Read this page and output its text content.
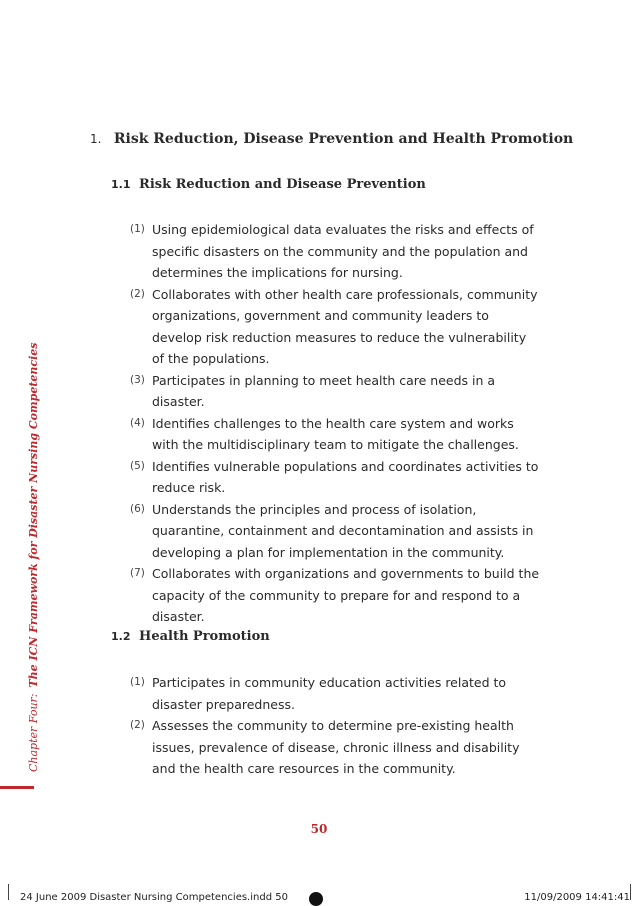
Chapter Four:The ICN Framework for Disaster Nursing Competencies
1. Risk Reduction, Disease Prevention and Health Promotion
1.1 Risk Reduction and Disease Prevention
(1) Using epidemiological data evaluates the risks and effects of specific disasters on the community and the population and determines the implications for nursing.
(2) Collaborates with other health care professionals, community organizations, government and community leaders to develop risk reduction measures to reduce the vulnerability of the populations.
(3) Participates in planning to meet health care needs in a disaster.
(4) Identifies challenges to the health care system and works with the multidisciplinary team to mitigate the challenges.
(5) Identifies vulnerable populations and coordinates activities to reduce risk.
(6) Understands the principles and process of isolation, quarantine, containment and decontamination and assists in developing a plan for implementation in the community.
(7) Collaborates with organizations and governments to build the capacity of the community to prepare for and respond to a disaster.
1.2 Health Promotion
(1) Participates in community education activities related to disaster preparedness.
(2) Assesses the community to determine pre-existing health issues, prevalence of disease, chronic illness and disability and the health care resources in the community.
50
24 June 2009 Disaster Nursing Competencies.indd 50	11/09/2009 14:41:41
